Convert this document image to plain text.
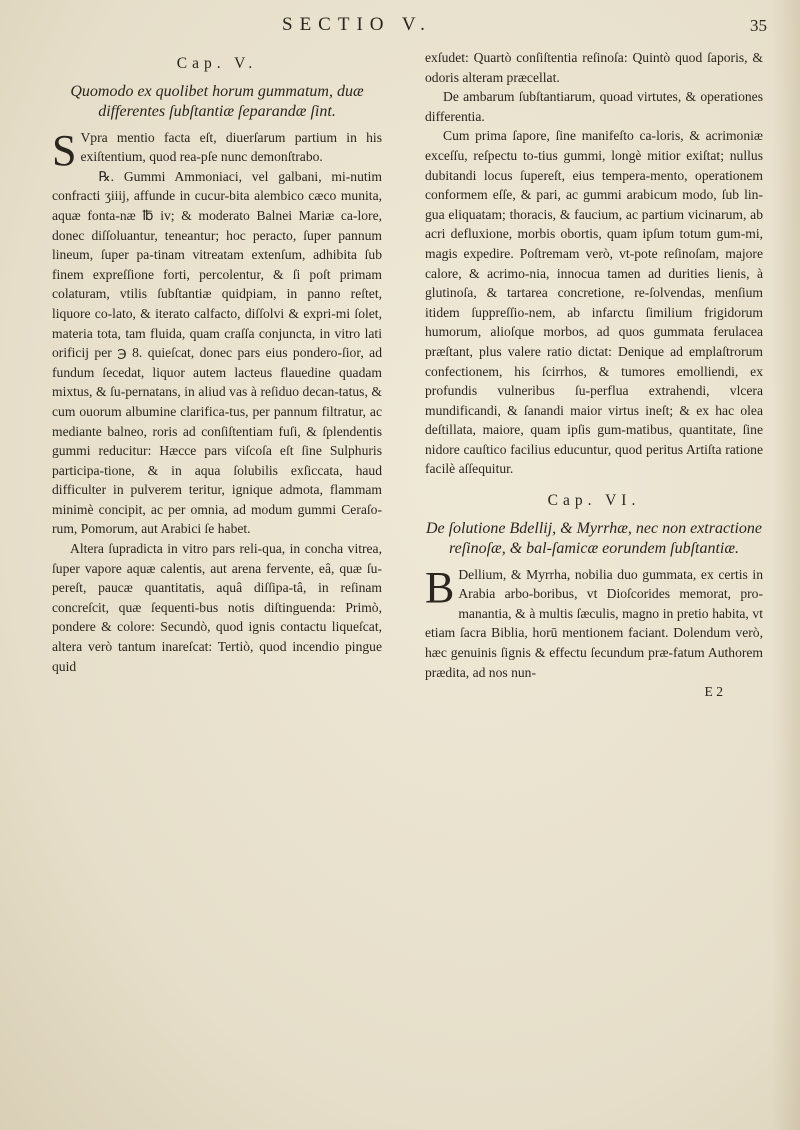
SECTIO V.	35
Cap. V.
Quomodo ex quolibet horum gummatum, duæ differentes ſubſtantiæ ſeparandæ ſint.

S Vpra mentio facta eſt, diuerſarum partium in his exiſtentium, quod rea-pſe nunc demonſtrabo.

℞. Gummi Ammoniaci, vel galbani, mi-nutim confracti ʒiiij, affunde in cucur-bita alembico cæco munita, aquæ fonta-næ ℔ iv; & moderato Balnei Mariæ ca-lore, donec diſſoluantur, teneantur; hoc peracto, ſuper pannum lineum, ſuper pa-tinam vitreatam extenſum, adhibita ſub finem expreſſione forti, percolentur, & ſi poſt primam colaturam, vtilis ſubſtantiæ quidpiam, in panno reſtet, liquore co-lato, & iterato calfacto, diſſolvi & expri-mi ſolet, materia tota, tam fluida, quam craſſa conjuncta, in vitro lati orificij per ℈ 8. quieſcat, donec pars eius pondero-ſior, ad fundum ſecedat, liquor autem lacteus flauedine quadam mixtus, & ſu-pernatans, in aliud vas à reſiduo decan-tatus, & cum ouorum albumine clarifica-tus, per pannum filtratur, ac mediante balneo, roris ad conſiſtentiam fuſi, & ſplendentis gummi reducitur: Hæcce pars viſcoſa eſt ſine Sulphuris participa-tione, & in aqua ſolubilis exſiccata, haud difficulter in pulverem teritur, ignique admota, flammam minimè concipit, ac per omnia, ad modum gummi Ceraſo-rum, Pomorum, aut Arabici ſe habet.

Altera ſupradicta in vitro pars reli-qua, in concha vitrea, ſuper vapore aquæ calentis, aut arena fervente, eâ, quæ ſu-pereſt, paucæ quantitatis, aquâ diſſipa-tâ, in reſinam concreſcit, quæ ſequenti-bus notis diſtinguenda: Primò, pondere & colore: Secundò, quod ignis contactu liqueſcat, altera verò tantum inareſcat: Tertiò, quod incendio pingue quid

exſudet: Quartò conſiſtentia reſinoſa: Quintò quod ſaporis, & odoris alteram præcellat.

De ambarum ſubſtantiarum, quoad virtutes, & operationes differentia.

Cum prima ſapore, ſine manifeſto ca-loris, & acrimoniæ exceſſu, reſpectu to-tius gummi, longè mitior exiſtat; nullus dubitandi locus ſupereſt, eius tempera-mento, operationem conformem eſſe, & pari, ac gummi arabicum modo, ſub lin-gua eliquatam; thoracis, & faucium, ac partium vicinarum, ab acri defluxione, morbis obortis, quam ipſum totum gum-mi, magis expedire. Poſtremam verò, vt-pote reſinoſam, majore calore, & acrimo-nia, innocua tamen ad durities lienis, à glutinoſa, & tartarea concretione, re-ſolvendas, menſium itidem ſuppreſſio-nem, ab infarctu ſimilium frigidorum humorum, alioſque morbos, ad quos gummata ferulacea præſtant, plus valere ratio dictat: Denique ad emplaſtrorum confectionem, his ſcirrhos, & tumores emolliendi, ex profundis vulneribus ſu-perflua extrahendi, vlcera mundificandi, & ſanandi maior virtus ineſt; & ex hac olea deſtillata, maiore, quam ipſis gum-matibus, quantitate, ſine nidore cauſtico facilius educuntur, quod peritus Artiſta ratione facilè aſſequitur.

Cap. VI.
De ſolutione Bdellij, & Myrrhæ, nec non extractione reſinoſæ, & bal-ſamicæ eorundem ſubſtantiæ.

B Dellium, & Myrrha, nobilia duo gummata, ex certis in Arabia arbo-boribus, vt Dioſcorides memorat, pro-manantia, & à multis ſæculis, magno in pretio habita, vt etiam ſacra Biblia, horū mentionem faciant. Dolendum verò, hæc genuinis ſignis & effectu ſecundum præ-fatum Authorem prædita, ad nos nun-

E 2
